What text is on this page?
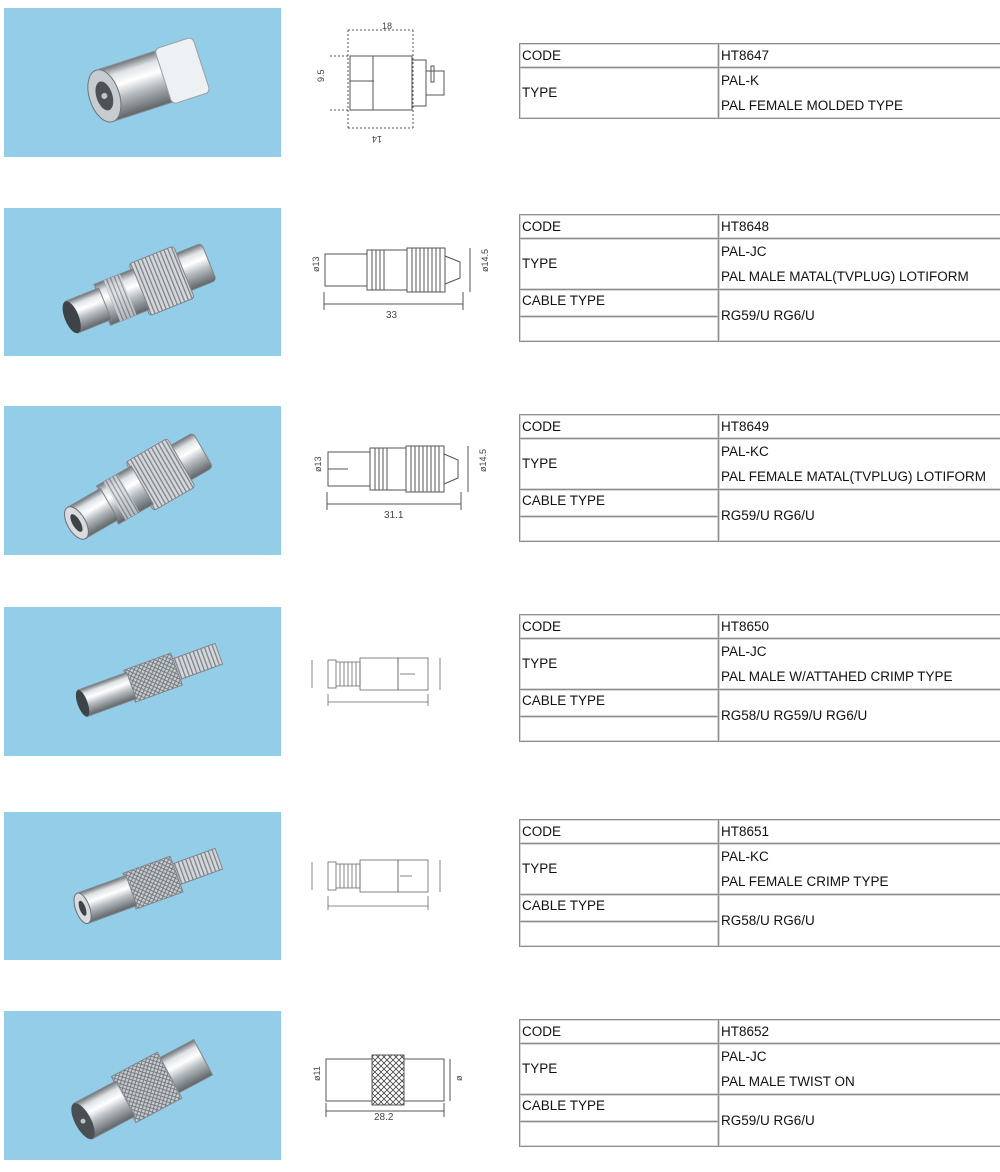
18
9.5
14
CODE	HT8647
TYPE	PAL-K
PAL FEMALE MOLDED TYPE
33
ø13	ø14.5
CODE	HT8648
TYPE	PAL-JC
PAL MALE MATAL(TVPLUG) LOTIFORM

CABLE TYPE	RG59/U RG6/U

31.1
ø13	ø14.5
CODE	HT8649
TYPE	PAL-KC
PAL FEMALE MATAL(TVPLUG) LOTIFORM

CABLE TYPE	RG59/U RG6/U

CODE	HT8650
TYPE	PAL-JC
PAL MALE W/ATTAHED CRIMP TYPE

CABLE TYPE	RG58/U RG59/U RG6/U

CODE	HT8651
TYPE	PAL-KC
PAL FEMALE CRIMP TYPE

CABLE TYPE	RG58/U RG6/U

28.2
ø11	ø
CODE	HT8652
TYPE	PAL-JC
PAL MALE TWIST ON

CABLE TYPE	RG59/U RG6/U
